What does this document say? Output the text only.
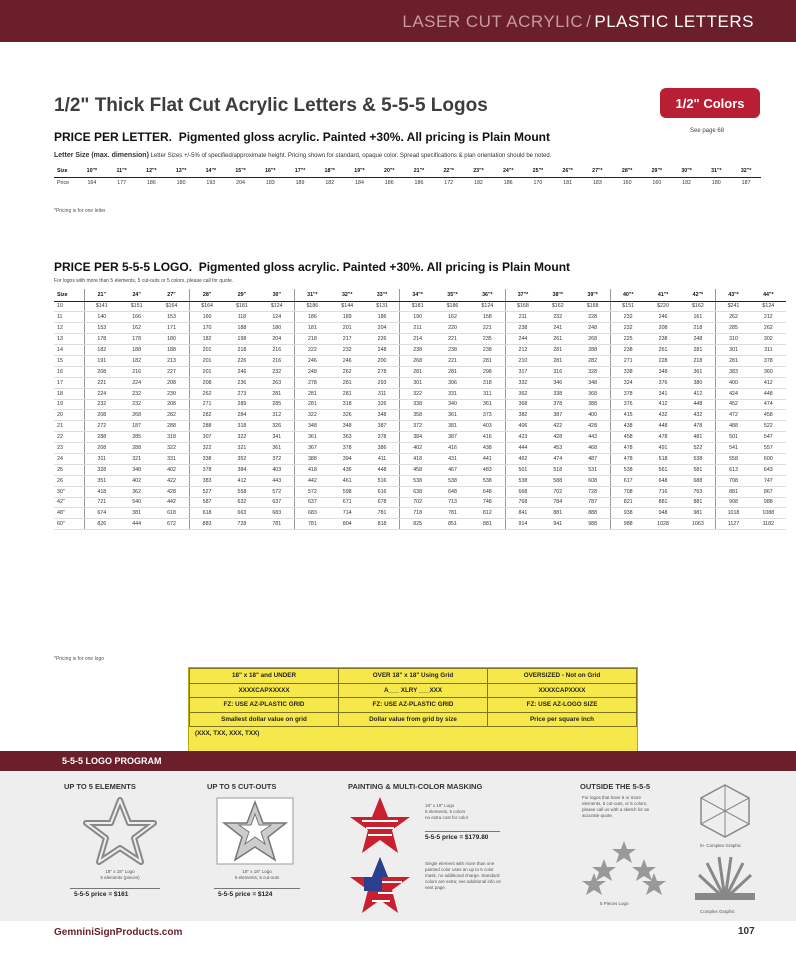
LASER CUT ACRYLIC / PLASTIC LETTERS
1/2" Thick Flat Cut Acrylic Letters & 5-5-5 Logos	1/2" Colors
See page 68
PRICE PER LETTER. Pigmented gloss acrylic. Painted +30%. All pricing is Plain Mount
Letter Size (max. dimension) Letter Sizes +/-5% of specified/approximate height. Pricing shown for standard, opaque color. Spread specifications & plan orientation should be noted.
Size	10"*	11"*	12"*	13"*	14"*	15"*	16"*	17"*	18"*	19"*	20"*	21"*	22"*	23"*	24"*	25"*	26"*	27"*	28"*	29"*	30"*	31"*	32"*
Price	164	177	186	180	193	204	183	189	182	184	186	186	172	182	186	170	181	183	160	160	182	180	187
*Pricing is for one letter
PRICE PER 5-5-5 LOGO. Pigmented gloss acrylic. Painted +30%. All pricing is Plain Mount
For logos with more than 5 elements, 5 cut-outs or 5 colors, please call for quote.
Size	21"	24"	27"	28"	29"	30"	31"*	32"*	33"*	34"*	35"*	36"*	37"*	38"*	39"*	40"*	41"*	42"*	43"*	44"*
10	$141	$151	$164	$164	$181	$124	$186	$144	$131	$181	$186	$124	$168	$162	$168	$151	$220	$162	$241	$124
11	140	166	153	160	118	124	186	189	186	190	162	158	211	232	228	232	246	161	262	212
12	153	162	171	170	188	180	181	201	204	211	220	221	238	241	248	232	208	218	285	262
13	178	178	180	182	198	204	218	217	226	214	221	235	244	261	268	225	238	248	310	302
14	182	188	188	201	218	216	222	232	248	238	238	238	212	281	288	238	261	281	301	311
15	191	182	213	201	226	216	246	246	200	268	221	281	210	281	282	271	228	218	281	378
16	208	216	227	201	246	232	248	262	278	281	281	298	317	316	328	338	348	361	383	360
17	221	224	208	208	236	263	278	281	293	301	306	318	332	346	348	324	376	380	400	412
18	224	232	230	262	273	281	281	281	311	322	331	311	362	338	368	378	341	412	424	448
19	232	232	208	271	289	285	281	318	326	338	340	361	368	378	388	376	412	448	452	474
20	208	268	282	282	284	312	322	326	348	358	361	373	382	387	400	415	432	432	472	458
21	272	187	288	288	318	326	348	348	387	372	381	403	406	422	428	438	448	478	488	522
22	288	285	318	307	322	341	361	363	378	384	387	416	423	428	443	458	478	481	501	547
23	208	288	322	322	321	361	367	378	386	402	416	438	444	453	468	478	491	522	541	557
24	311	321	331	338	352	372	388	394	411	418	431	441	462	474	487	478	518	538	558	600
25	328	348	402	378	384	403	418	436	448	458	467	483	501	518	531	538	561	581	613	643
26	351	402	422	383	412	443	442	461	516	538	538	538	538	588	608	617	648	688	708	747
30"	418	362	428	527	558	572	572	598	616	638	648	648	668	702	728	708	716	763	881	867
42"	721	540	442	587	632	637	637	671	678	702	713	748	768	784	787	821	881	881	908	988
48"	674	381	618	618	663	683	683	714	781	718	781	812	841	881	888	938	948	981	1018	1088
60"	826	444	672	883	728	781	781	804	818	825	851	881	914	941	988	988	1028	1063	1127	1182
*Pricing is for one logo
18" x 18" and UNDER	OVER 18" x 18" Using Grid	OVERSIZED - Not on Grid
XXXXCAPXXXXX	A___ XLRY ___XXX	XXXXCAPXXXX
FZ: USE AZ-PLASTIC GRID	FZ: USE AZ-PLASTIC GRID	FZ: USE AZ-LOGO SIZE
Smallest dollar value on grid	Dollar value from grid by size	Price per square inch
(XXX, TXX, XXX, TXX)
5-5-5 LOGO PROGRAM
UP TO 5 ELEMENTS
18" x 18" Logo
5 elements (pieces)
5-5-5 price = $161
UP TO 5 CUT-OUTS
18" x 18" Logo
5 elements, 5 cut-outs
5-5-5 price = $124
PAINTING & MULTI-COLOR MASKING
18" x 18" Logo
5 elements, 5 colors
no extra cost for color
5-5-5 price = $179.80
Single element with more than one painted color uses an up to 5 color mask, no additional charge. Standard colors are extra; see additional info on next page.
OUTSIDE THE 5-5-5
For logos that have 5 or more elements, 5 cut-outs, or 5 colors, please call us with a sketch for an accurate quote.
5 Pieces Logo
5+ Complex Graphic
Complex Graphic
GemniniSignProducts.com	107
